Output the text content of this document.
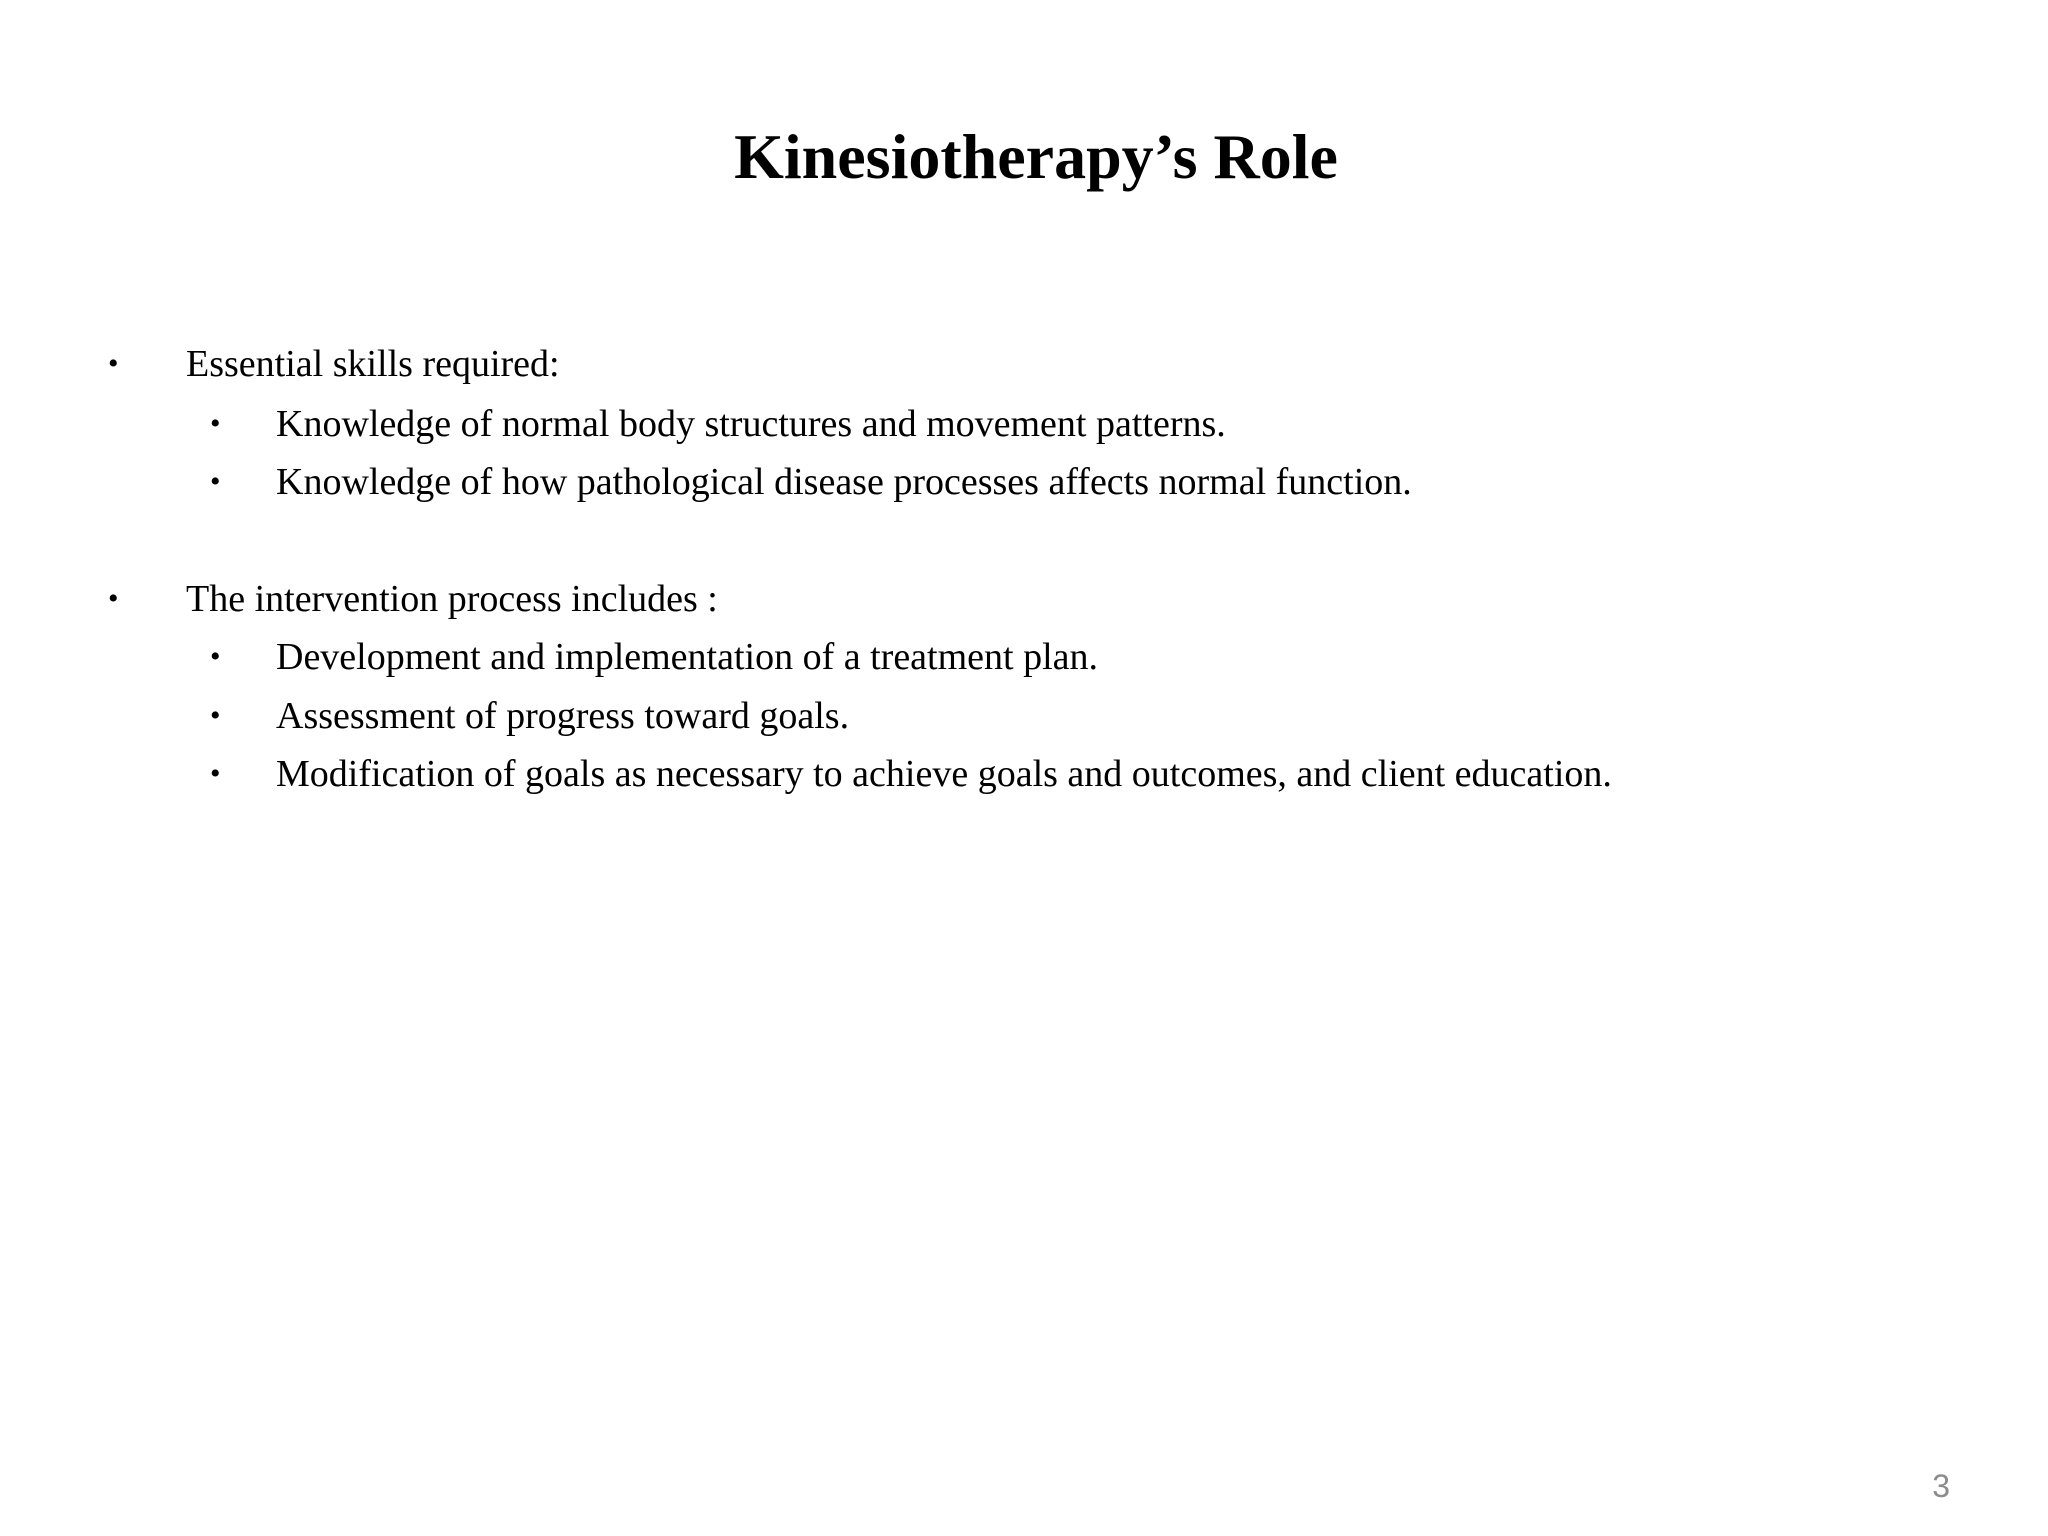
Kinesiotherapy’s Role
• Essential skills required:
• Knowledge of normal body structures and movement patterns.
• Knowledge of how pathological disease processes affects normal function.
• The intervention process includes :
• Development and implementation of a treatment plan.
• Assessment of progress toward goals.
• Modification of goals as necessary to achieve goals and outcomes, and client education.
3
